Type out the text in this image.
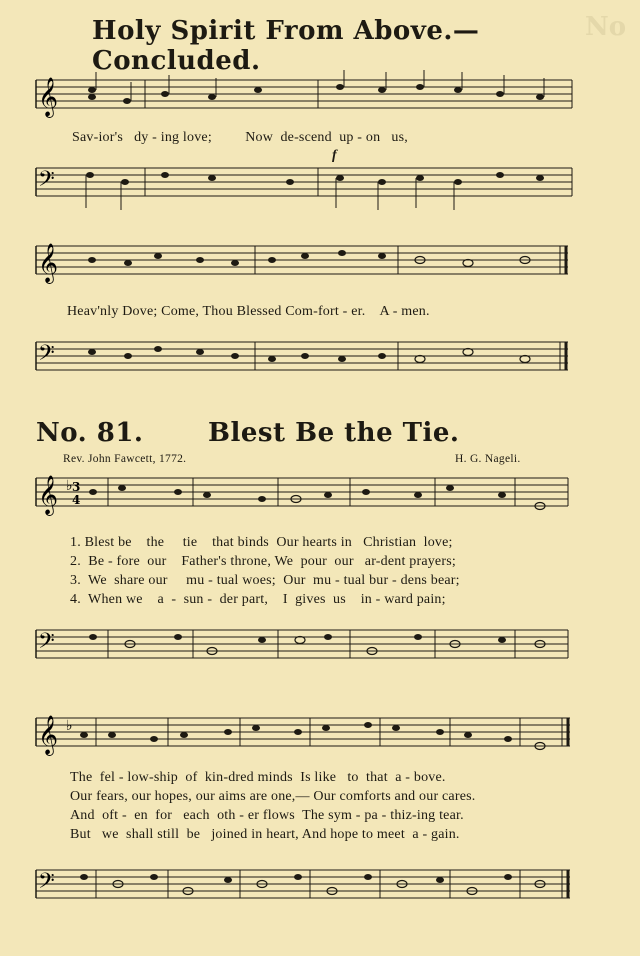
No
Holy Spirit From Above.— Concluded.
𝄞
Sav-ior's   dy - ing love;         Now  de-scend  up - on   us,
f
𝄢
𝄞
Heav'nly Dove; Come, Thou Blessed Com-fort - er.    A - men.
𝄢
No. 81. Blest Be the Tie.
Rev. John Fawcett, 1772.	H. G. Nageli.
𝄞 ♭ 3
4
1. Blest be    the     tie    that binds  Our hearts in   Christian  love;
2.  Be - fore  our    Father's throne, We  pour  our   ar-dent prayers;
3.  We  share our     mu - tual woes;  Our  mu - tual bur - dens bear;
4.  When we    a  -  sun -  der part,    I  gives  us    in - ward pain;
𝄢
𝄞 ♭
The  fel - low-ship  of  kin-dred minds  Is like   to  that  a - bove.
Our fears, our hopes, our aims are one,— Our comforts and our cares.
And  oft -  en  for   each  oth - er flows  The sym - pa - thiz-ing tear.
But   we  shall still  be   joined in heart, And hope to meet  a - gain.
𝄢
